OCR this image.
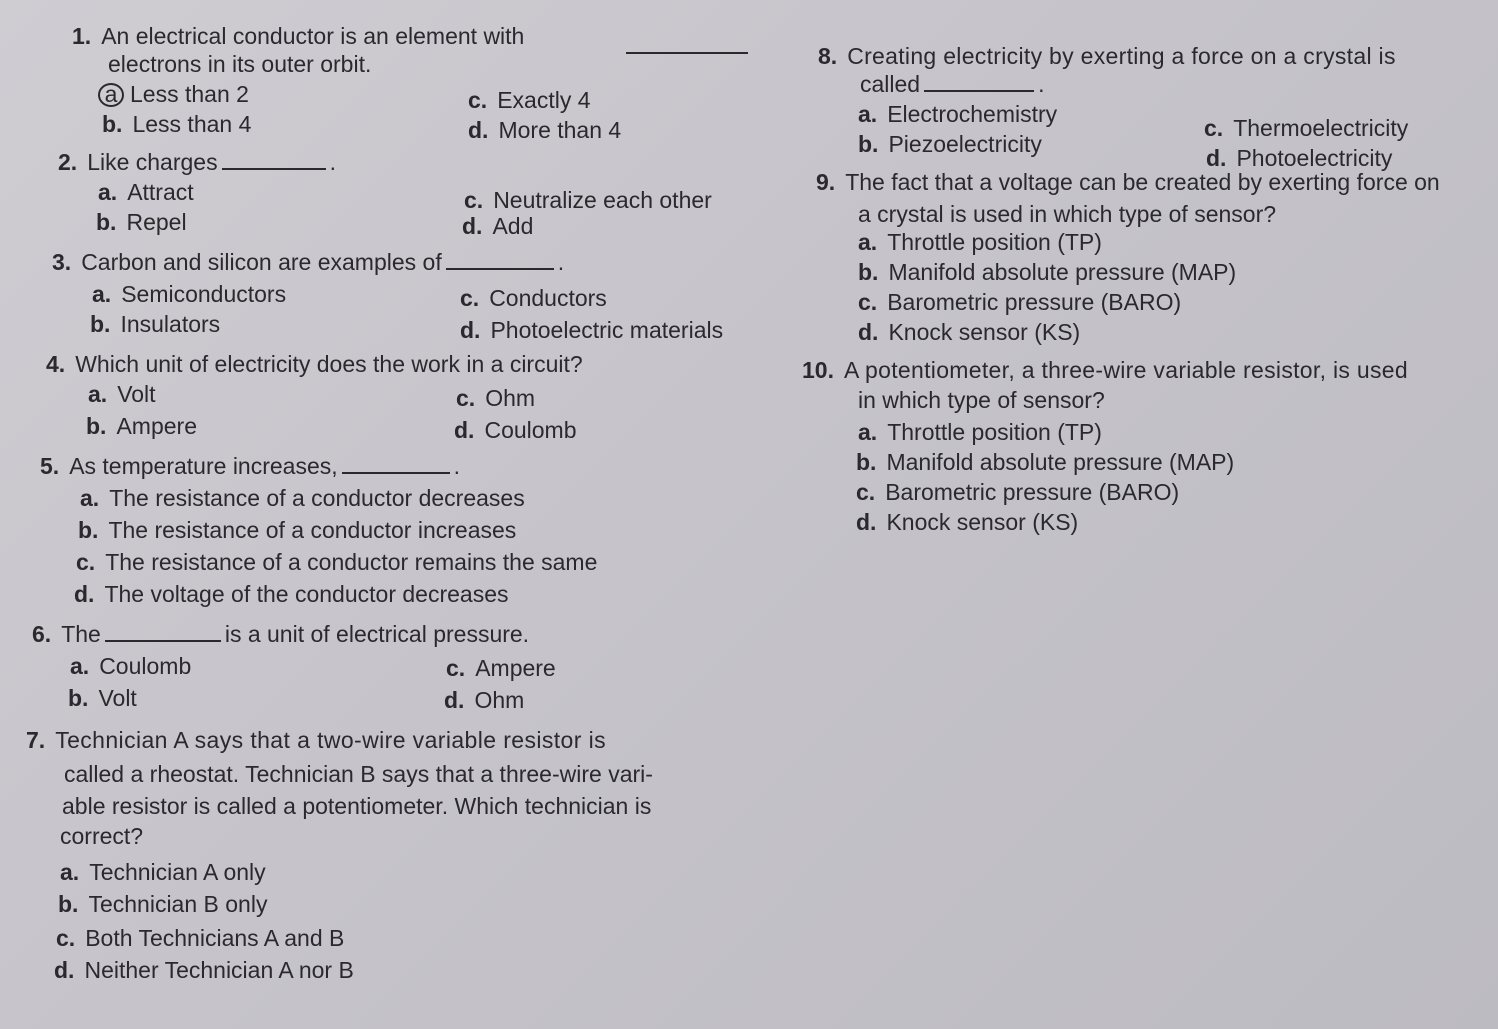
1. An electrical conductor is an element with
electrons in its outer orbit.
a Less than 2
b. Less than 4
c. Exactly 4
d. More than 4
2. Like charges	.
a. Attract
b. Repel
c. Neutralize each other
d. Add
3. Carbon and silicon are examples of	.
a. Semiconductors
b. Insulators
c. Conductors
d. Photoelectric materials
4. Which unit of electricity does the work in a circuit?
a. Volt
b. Ampere
c. Ohm
d. Coulomb
5. As temperature increases,	.
a. The resistance of a conductor decreases
b. The resistance of a conductor increases
c. The resistance of a conductor remains the same
d. The voltage of the conductor decreases
6. The	is a unit of electrical pressure.
a. Coulomb
b. Volt
c. Ampere
d. Ohm
7. Technician A says that a two-wire variable resistor is
called a rheostat. Technician B says that a three-wire vari-
able resistor is called a potentiometer. Which technician is
correct?
a. Technician A only
b. Technician B only
c. Both Technicians A and B
d. Neither Technician A nor B
8. Creating electricity by exerting a force on a crystal is
called	.
a. Electrochemistry
b. Piezoelectricity
c. Thermoelectricity
d. Photoelectricity
9. The fact that a voltage can be created by exerting force on
a crystal is used in which type of sensor?
a. Throttle position (TP)
b. Manifold absolute pressure (MAP)
c. Barometric pressure (BARO)
d. Knock sensor (KS)
10. A potentiometer, a three-wire variable resistor, is used
in which type of sensor?
a. Throttle position (TP)
b. Manifold absolute pressure (MAP)
c. Barometric pressure (BARO)
d. Knock sensor (KS)
